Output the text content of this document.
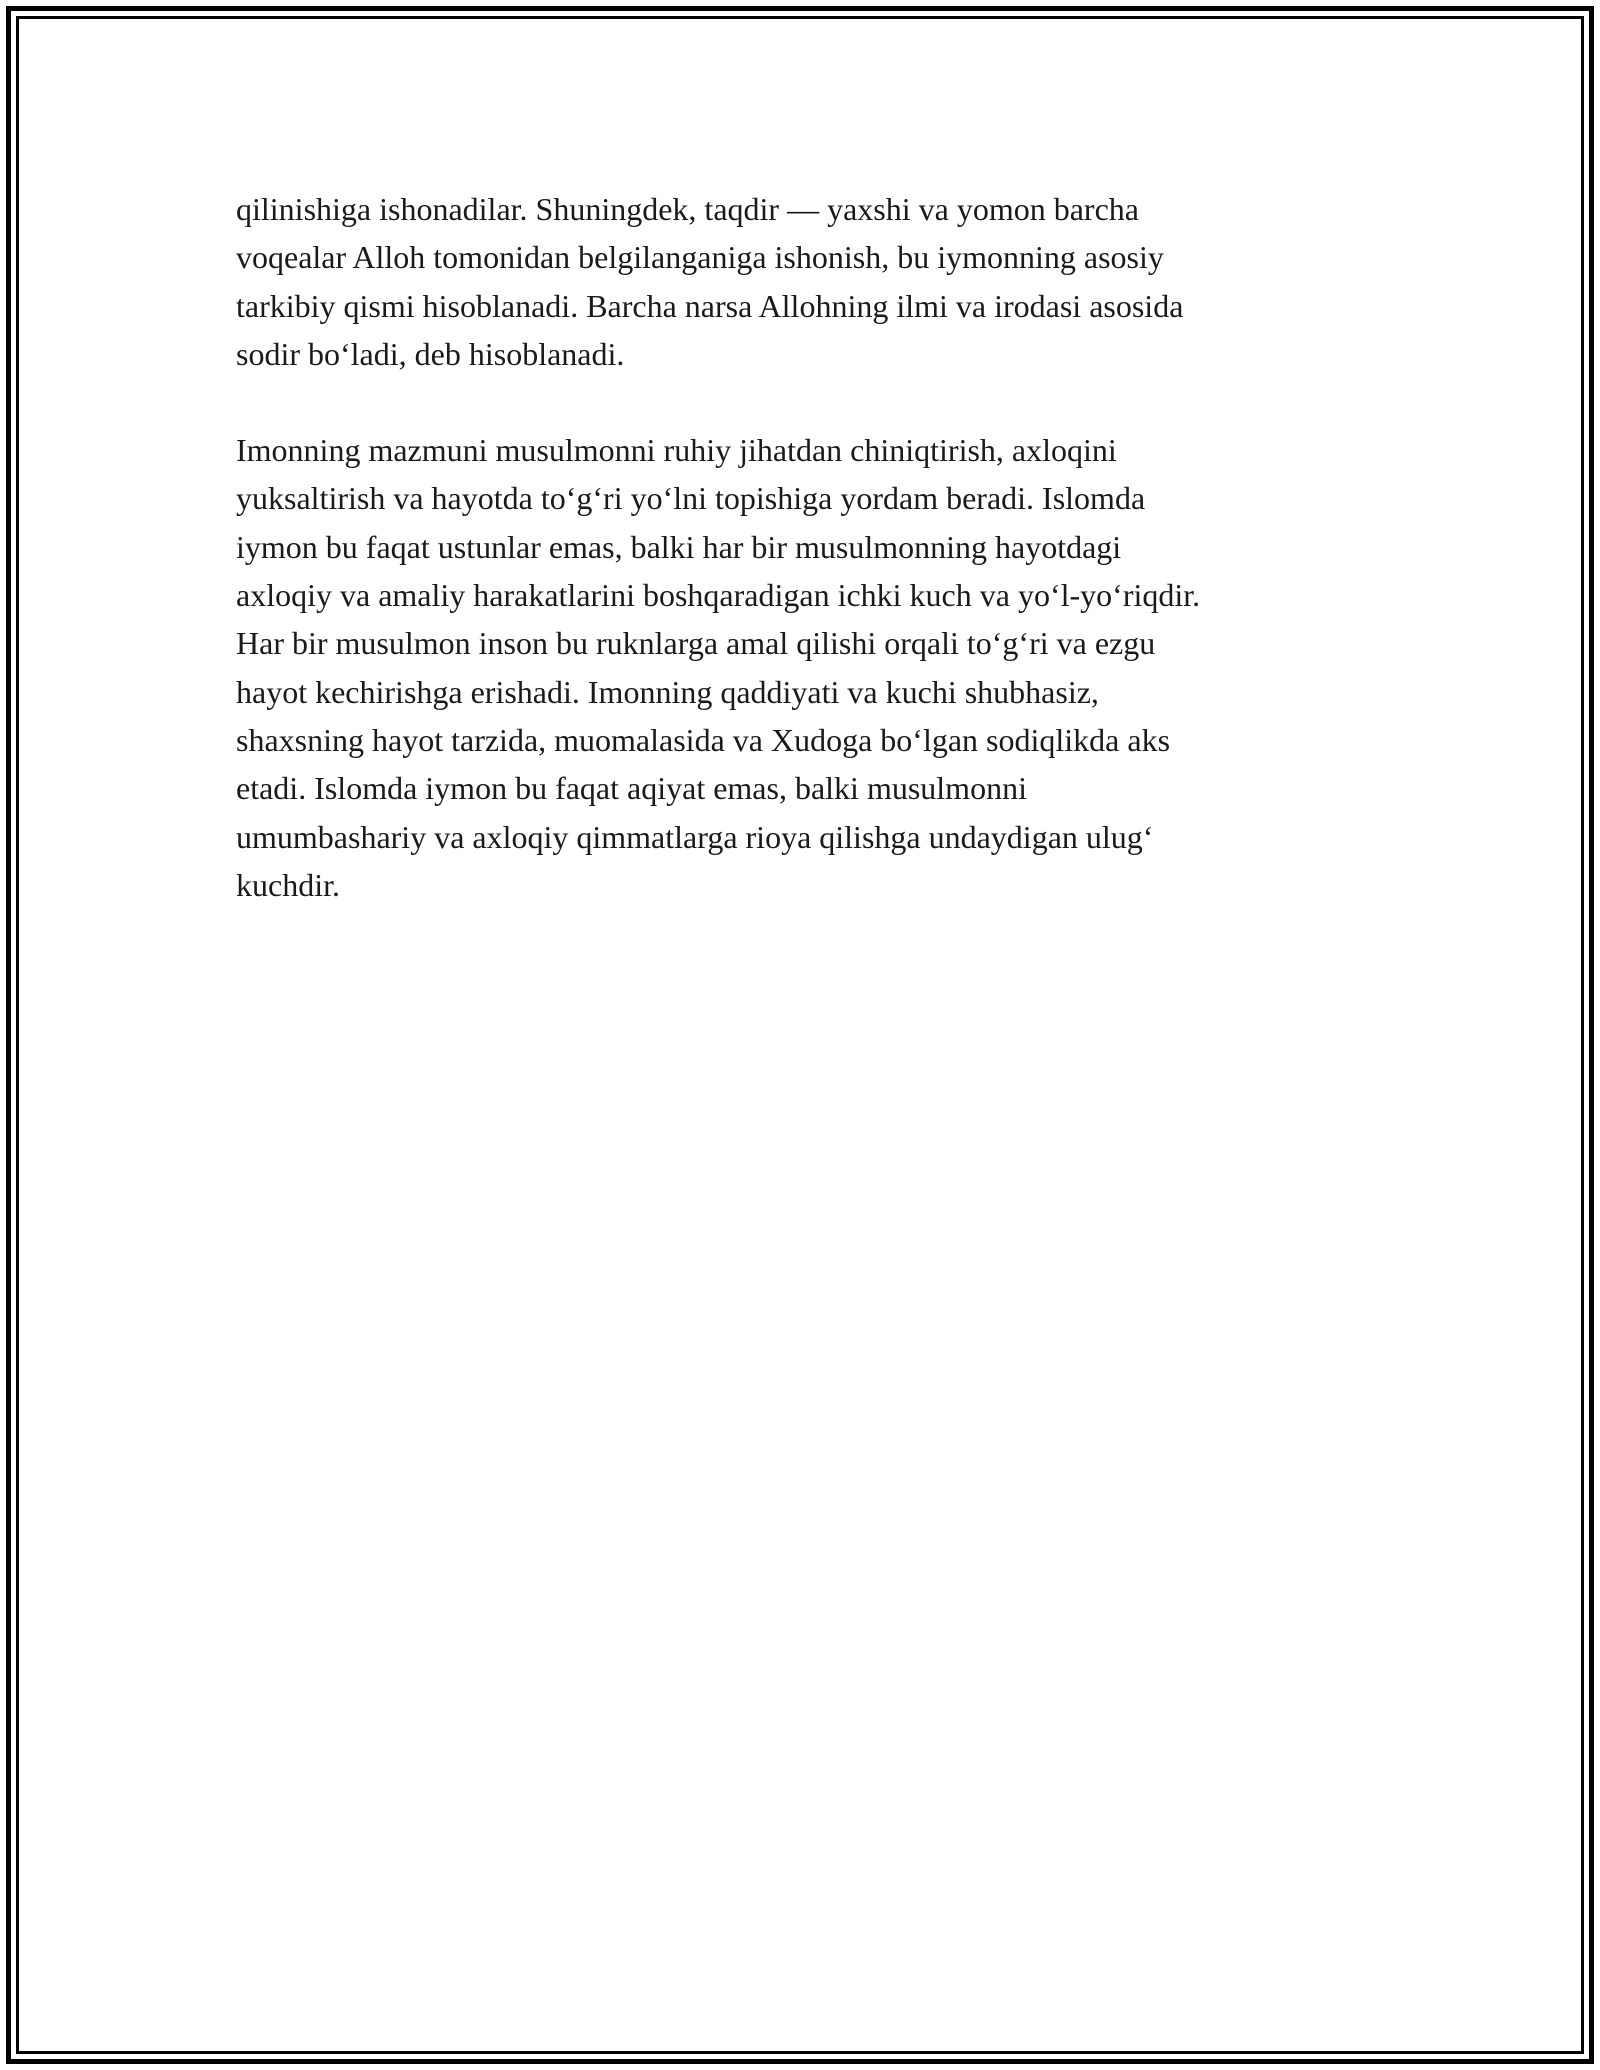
qilinishiga ishonadilar. Shuningdek, taqdir — yaxshi va yomon barcha
voqealar Alloh tomonidan belgilanganiga ishonish, bu iymonning asosiy
tarkibiy qismi hisoblanadi. Barcha narsa Allohning ilmi va irodasi asosida
sodir boʻladi, deb hisoblanadi.

Imonning mazmuni musulmonni ruhiy jihatdan chiniqtirish, axloqini
yuksaltirish va hayotda toʻgʻri yoʻlni topishiga yordam beradi. Islomda
iymon bu faqat ustunlar emas, balki har bir musulmonning hayotdagi
axloqiy va amaliy harakatlarini boshqaradigan ichki kuch va yoʻl-yoʻriqdir.
Har bir musulmon inson bu ruknlarga amal qilishi orqali toʻgʻri va ezgu
hayot kechirishga erishadi. Imonning qaddiyati va kuchi shubhasiz,
shaxsning hayot tarzida, muomalasida va Xudoga boʻlgan sodiqlikda aks
etadi. Islomda iymon bu faqat aqiyat emas, balki musulmonni
umumbashariy va axloqiy qimmatlarga rioya qilishga undaydigan ulugʻ
kuchdir.
